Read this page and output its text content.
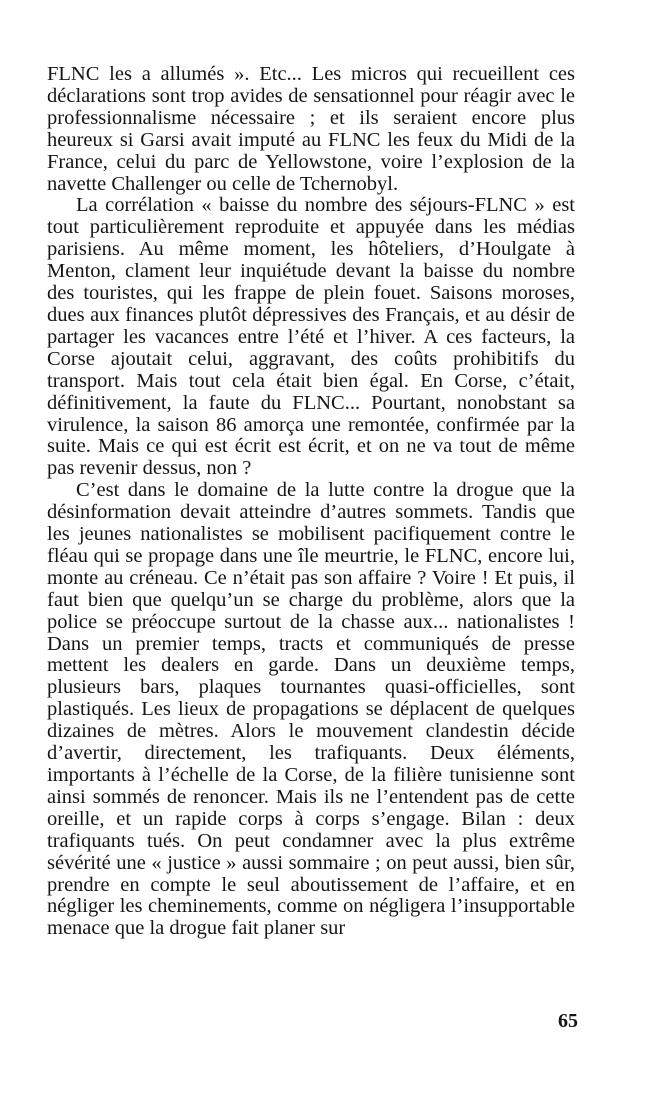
FLNC les a allumés ». Etc... Les micros qui recueillent ces déclarations sont trop avides de sensationnel pour réagir avec le professionnalisme nécessaire ; et ils seraient encore plus heureux si Garsi avait imputé au FLNC les feux du Midi de la France, celui du parc de Yellowstone, voire l’explosion de la navette Challenger ou celle de Tchernobyl.

La corrélation « baisse du nombre des séjours-FLNC » est tout particulièrement reproduite et appuyée dans les médias parisiens. Au même moment, les hôteliers, d’Houlgate à Menton, clament leur inquiétude devant la baisse du nombre des touristes, qui les frappe de plein fouet. Saisons moroses, dues aux finances plutôt dépressives des Français, et au désir de partager les vacances entre l’été et l’hiver. A ces facteurs, la Corse ajoutait celui, aggravant, des coûts prohibitifs du transport. Mais tout cela était bien égal. En Corse, c’était, définitivement, la faute du FLNC... Pourtant, nonobstant sa virulence, la saison 86 amorça une remontée, confirmée par la suite. Mais ce qui est écrit est écrit, et on ne va tout de même pas revenir dessus, non ?

C’est dans le domaine de la lutte contre la drogue que la désinformation devait atteindre d’autres sommets. Tandis que les jeunes nationalistes se mobilisent pacifiquement contre le fléau qui se propage dans une île meurtrie, le FLNC, encore lui, monte au créneau. Ce n’était pas son affaire ? Voire ! Et puis, il faut bien que quelqu’un se charge du problème, alors que la police se préoccupe surtout de la chasse aux... nationalistes ! Dans un premier temps, tracts et communiqués de presse mettent les dealers en garde. Dans un deuxième temps, plusieurs bars, plaques tournantes quasi-officielles, sont plastiqués. Les lieux de propagations se déplacent de quelques dizaines de mètres. Alors le mouvement clandestin décide d’avertir, directement, les trafiquants. Deux éléments, importants à l’échelle de la Corse, de la filière tunisienne sont ainsi sommés de renoncer. Mais ils ne l’entendent pas de cette oreille, et un rapide corps à corps s’engage. Bilan : deux trafiquants tués. On peut condamner avec la plus extrême sévérité une « justice » aussi sommaire ; on peut aussi, bien sûr, prendre en compte le seul aboutissement de l’affaire, et en négliger les cheminements, comme on négligera l’insupportable menace que la drogue fait planer sur

65
